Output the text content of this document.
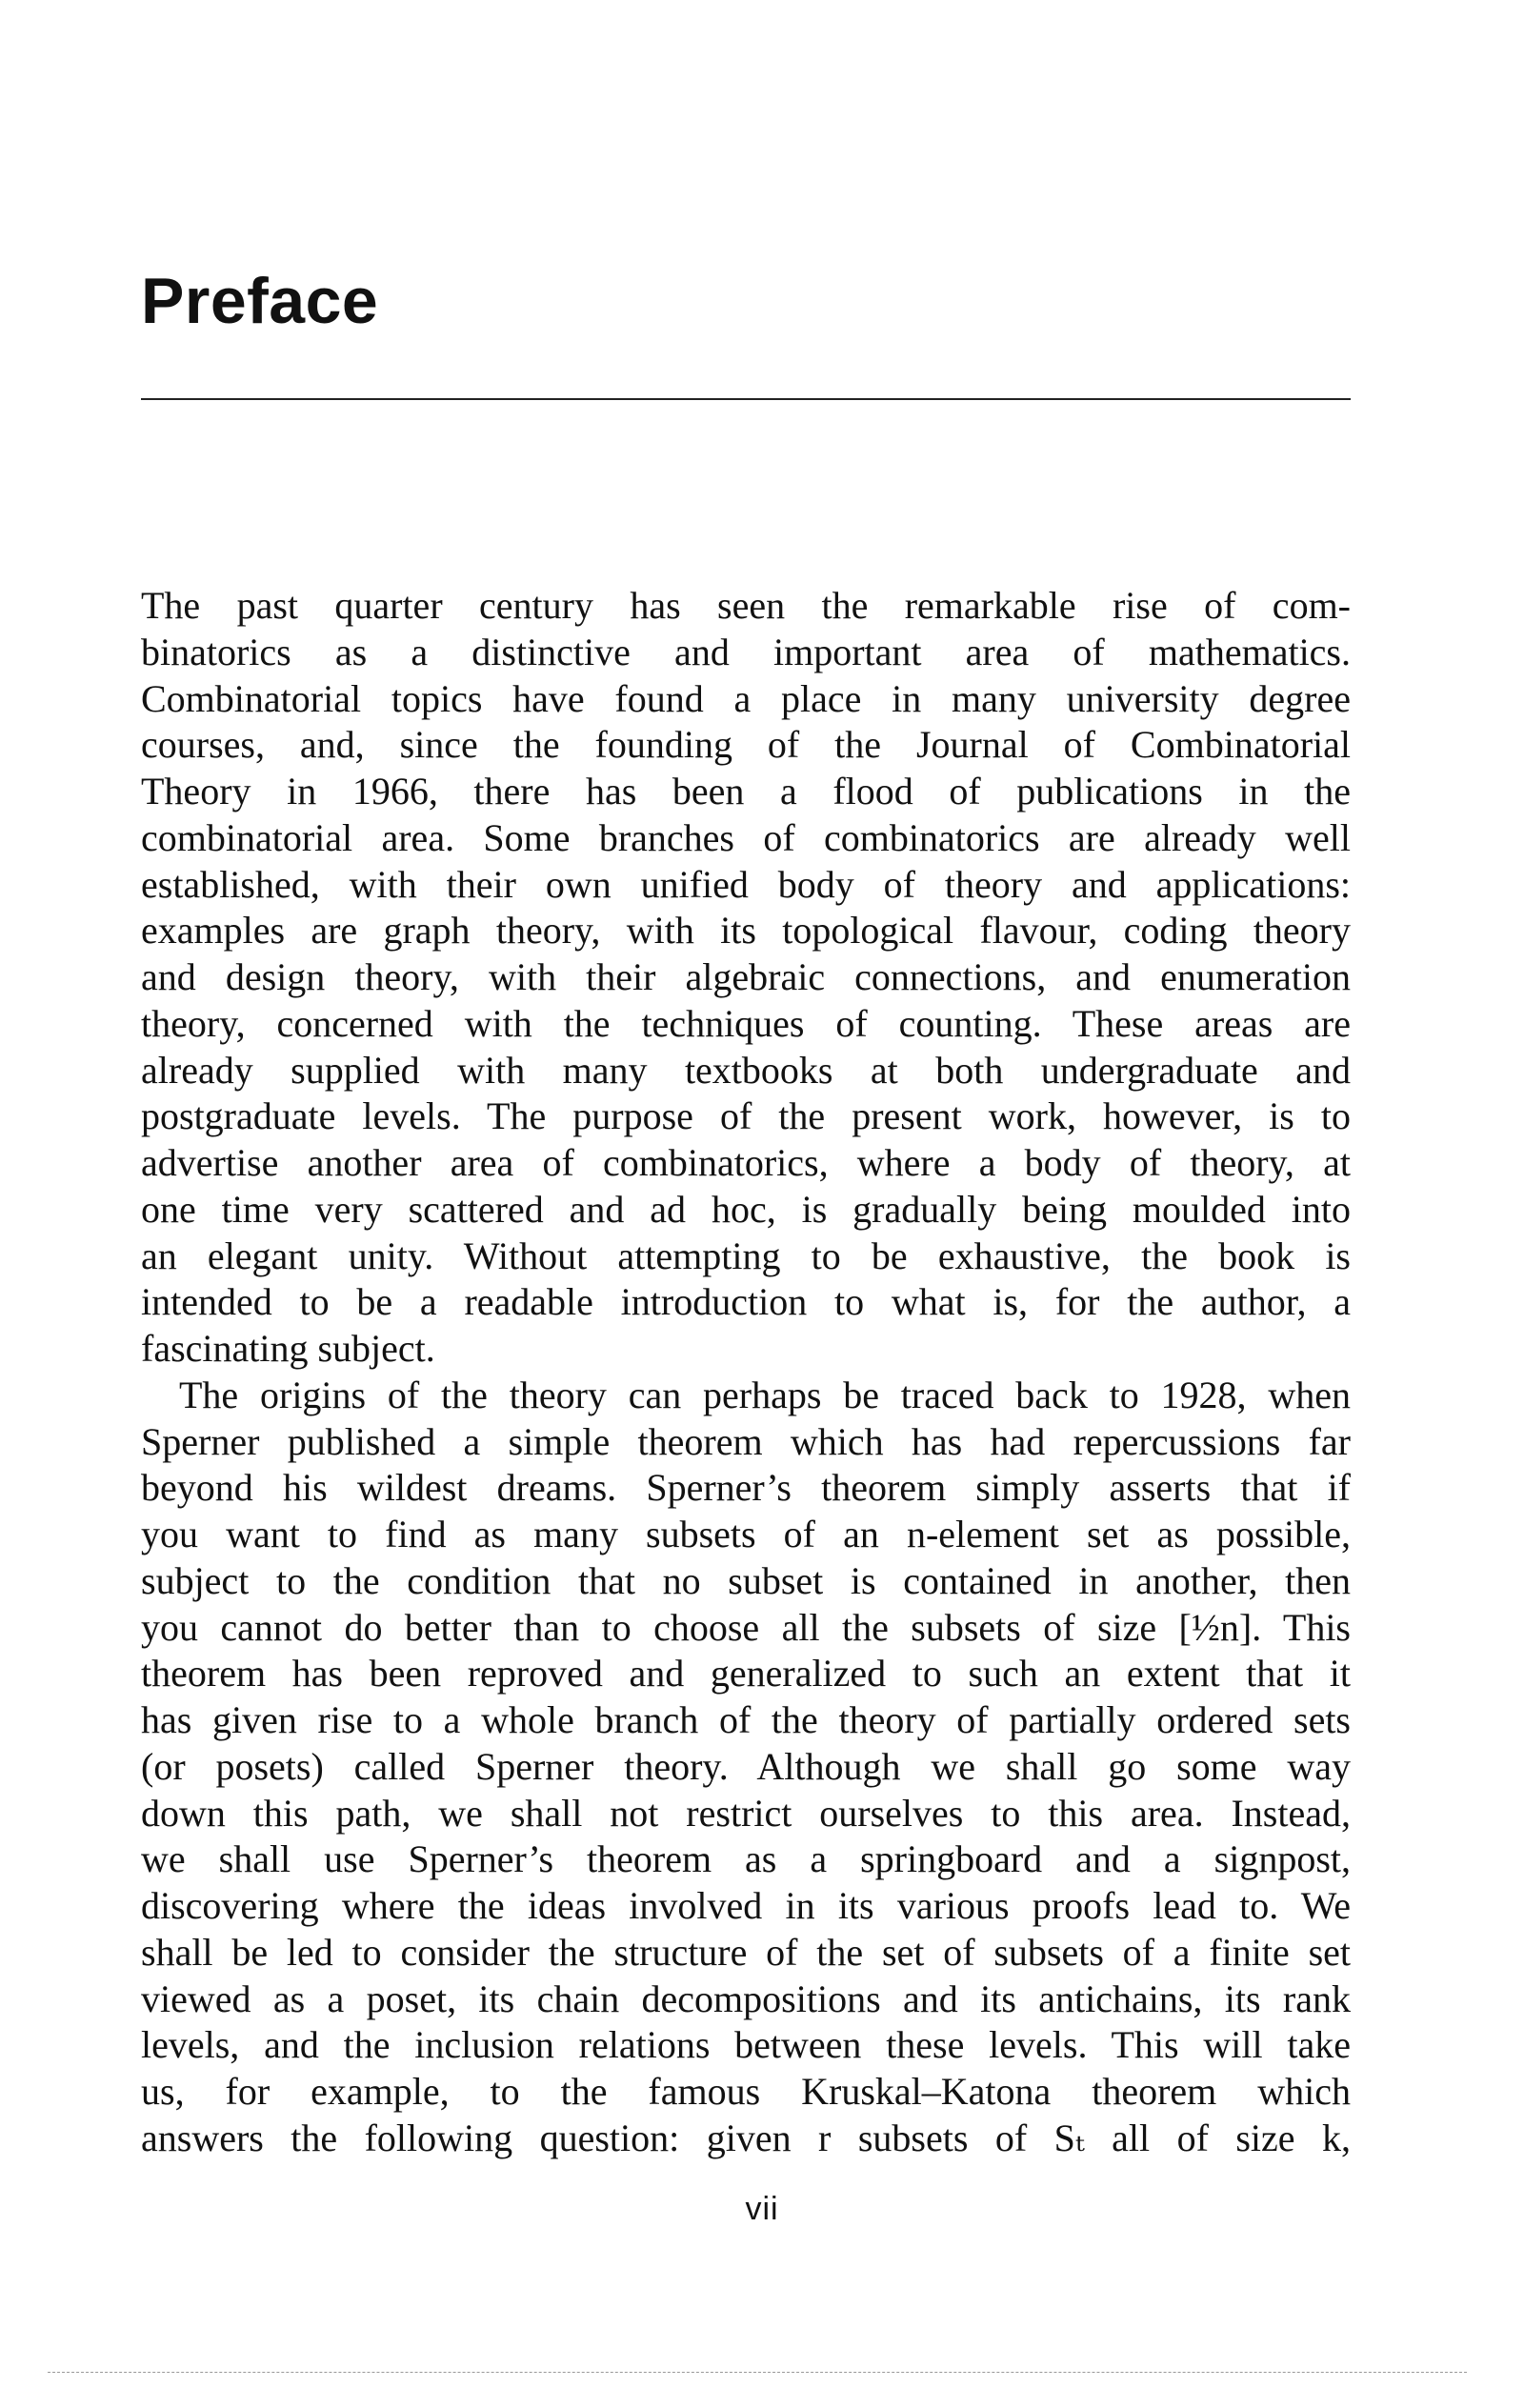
Preface
The past quarter century has seen the remarkable rise of com-
binatorics as a distinctive and important area of mathematics.
Combinatorial topics have found a place in many university degree
courses, and, since the founding of the Journal of Combinatorial
Theory in 1966, there has been a flood of publications in the
combinatorial area. Some branches of combinatorics are already well
established, with their own unified body of theory and applications:
examples are graph theory, with its topological flavour, coding theory
and design theory, with their algebraic connections, and enumeration
theory, concerned with the techniques of counting. These areas are
already supplied with many textbooks at both undergraduate and
postgraduate levels. The purpose of the present work, however, is to
advertise another area of combinatorics, where a body of theory, at
one time very scattered and ad hoc, is gradually being moulded into
an elegant unity. Without attempting to be exhaustive, the book is
intended to be a readable introduction to what is, for the author, a
fascinating subject.
The origins of the theory can perhaps be traced back to 1928, when
Sperner published a simple theorem which has had repercussions far
beyond his wildest dreams. Sperner’s theorem simply asserts that if
you want to find as many subsets of an n-element set as possible,
subject to the condition that no subset is contained in another, then
you cannot do better than to choose all the subsets of size [½n]. This
theorem has been reproved and generalized to such an extent that it
has given rise to a whole branch of the theory of partially ordered sets
(or posets) called Sperner theory. Although we shall go some way
down this path, we shall not restrict ourselves to this area. Instead,
we shall use Sperner’s theorem as a springboard and a signpost,
discovering where the ideas involved in its various proofs lead to. We
shall be led to consider the structure of the set of subsets of a finite set
viewed as a poset, its chain decompositions and its antichains, its rank
levels, and the inclusion relations between these levels. This will take
us, for example, to the famous Kruskal–Katona theorem which
answers the following question: given r subsets of Sₜ all of size k,
vii
